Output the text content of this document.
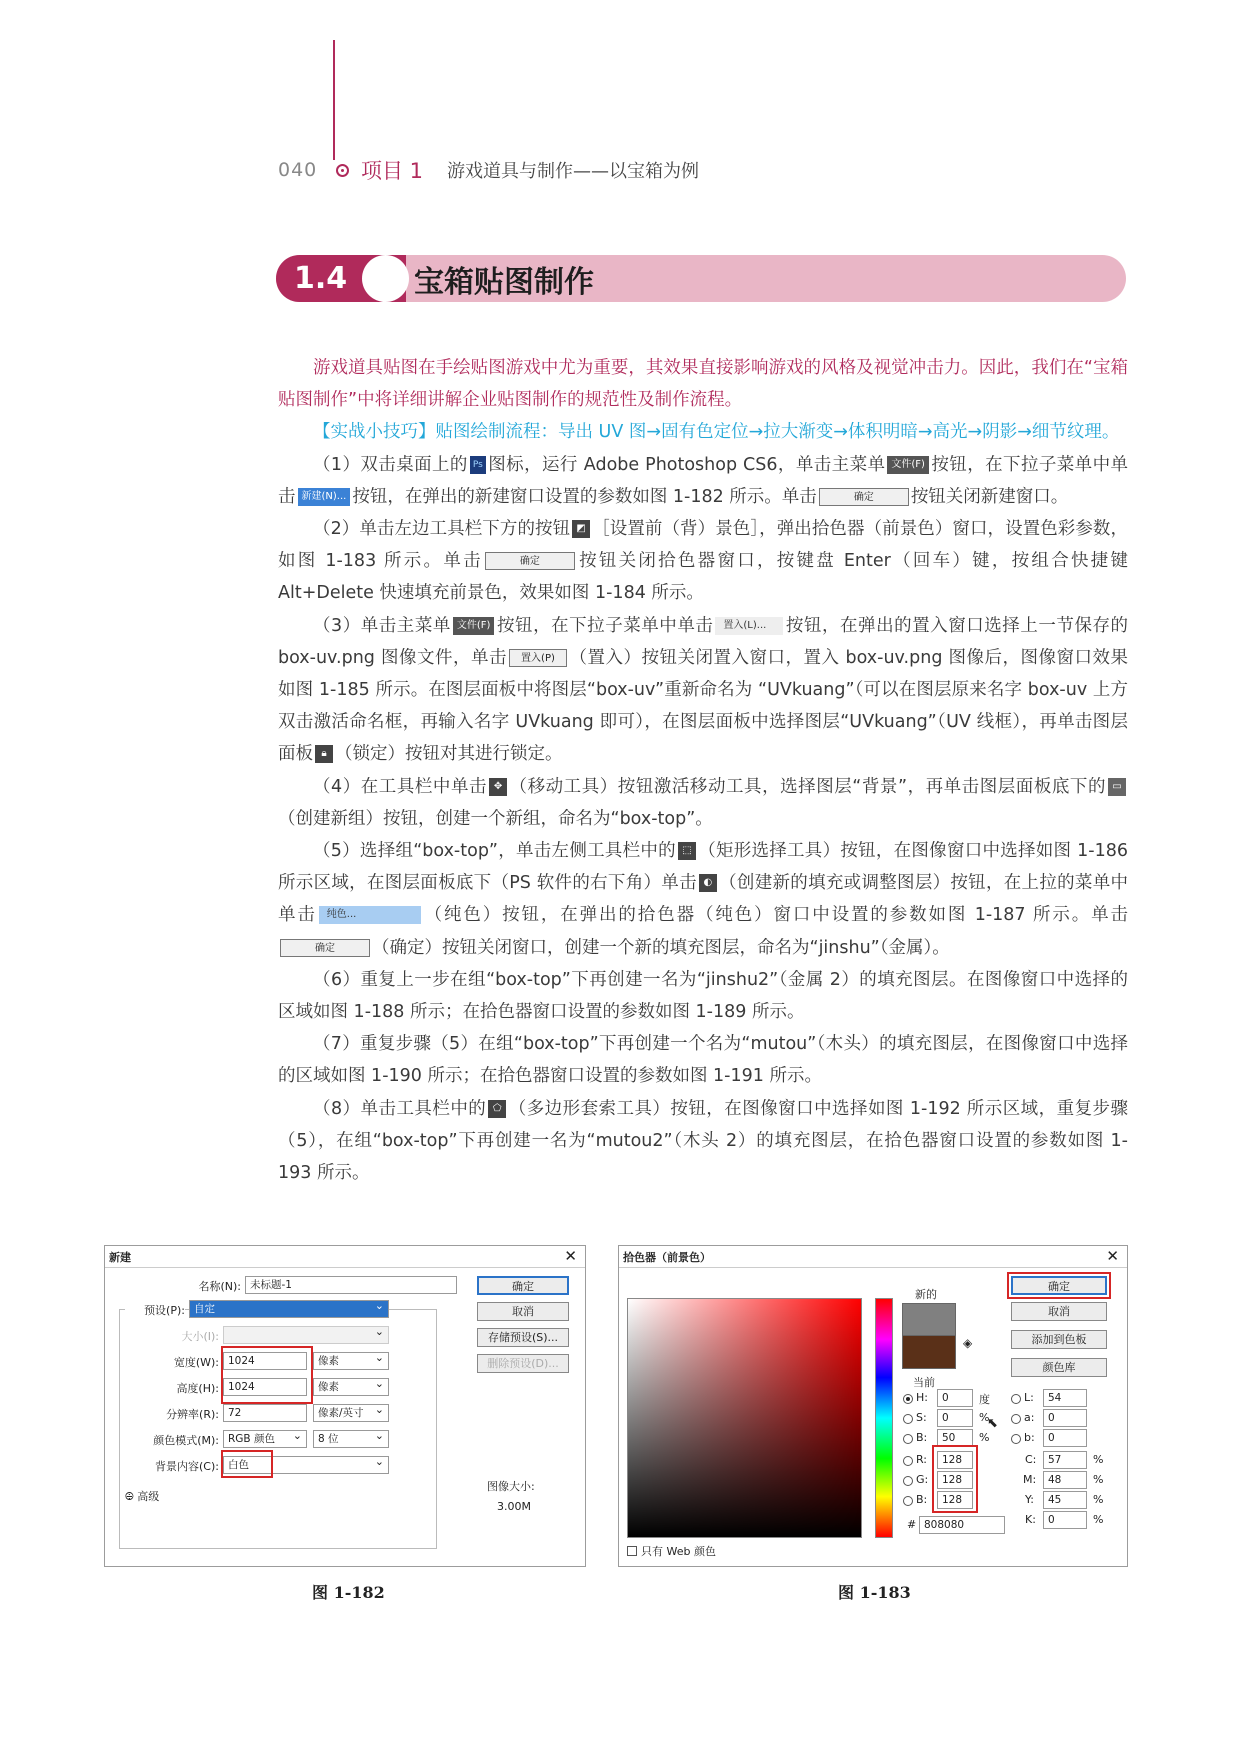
040	项目 1 游戏道具与制作——以宝箱为例
1.4	宝箱贴图制作

游戏道具贴图在手绘贴图游戏中尤为重要，其效果直接影响游戏的风格及视觉冲击力。因此，我们在“宝箱贴图制作”中将详细讲解企业贴图制作的规范性及制作流程。

【实战小技巧】贴图绘制流程：导出 UV 图→固有色定位→拉大渐变→体积明暗→高光→阴影→细节纹理。

（1）双击桌面上的 Ps 图标，运行 Adobe Photoshop CS6，单击主菜单 文件(F) 按钮，在下拉子菜单中单击 新建(N)... 按钮，在弹出的新建窗口设置的参数如图 1-182 所示。单击	确定 按钮关闭新建窗口。

（2）单击左边工具栏下方的按钮 ◩ ［设置前（背）景色］，弹出拾色器（前景色）窗口，设置色彩参数，如图 1-183 所示。单击	确定 按钮关闭拾色器窗口，按键盘 Enter（回车）键，按组合快捷键 Alt+Delete 快速填充前景色，效果如图 1-184 所示。

（3）单击主菜单 文件(F) 按钮，在下拉子菜单中单击 置入(L)... 按钮，在弹出的置入窗口选择上一节保存的 box-uv.png 图像文件，单击 置入(P) （置入）按钮关闭置入窗口，置入 box-uv.png 图像后，图像窗口效果如图 1-185 所示。在图层面板中将图层“box-uv”重新命名为 “UVkuang”（可以在图层原来名字 box-uv 上方双击激活命名框，再输入名字 UVkuang 即可），在图层面板中选择图层“UVkuang”（UV 线框），再单击图层面板 🔒︎ （锁定）按钮对其进行锁定。

（4）在工具栏中单击 ✥ （移动工具）按钮激活移动工具，选择图层“背景”，再单击图层面板底下的 ▭（创建新组）按钮，创建一个新组，命名为“box-top”。

（5）选择组“box-top”，单击左侧工具栏中的 ⬚ （矩形选择工具）按钮，在图像窗口中选择如图 1-186 所示区域，在图层面板底下（PS 软件的右下角）单击 ◐ （创建新的填充或调整图层）按钮，在上拉的菜单中单击 纯色...	（纯色）按钮，在弹出的拾色器（纯色）窗口中设置的参数如图 1-187 所示。单击确定 （确定）按钮关闭窗口，创建一个新的填充图层，命名为“jinshu”（金属）。

（6）重复上一步在组“box-top”下再创建一名为“jinshu2”（金属 2）的填充图层。在图像窗口中选择的区域如图 1-188 所示；在拾色器窗口设置的参数如图 1-189 所示。

（7）重复步骤（5）在组“box-top”下再创建一个名为“mutou”（木头）的填充图层，在图像窗口中选择的区域如图 1-190 所示；在拾色器窗口设置的参数如图 1-191 所示。

（8）单击工具栏中的 ⬠ （多边形套索工具）按钮，在图像窗口中选择如图 1-192 所示区域，重复步骤（5），在组“box-top”下再创建一名为“mutou2”（木头 2）的填充图层，在拾色器窗口设置的参数如图 1-193 所示。

新建	✕
名称(N): 未标题-1
预设(P): 自定 ⌄
大小(I):
⌄
宽度(W): 1024	像素 ⌄
高度(H): 1024	像素 ⌄
分辨率(R): 72	像素/英寸 ⌄
颜色模式(M): RGB 颜色 ⌄	8 位 ⌄
背景内容(C): 白色 ⌄
⨸ 高级
确定
取消
存储预设(S)...
删除预设(D)...
图像大小:
3.00M
图 1-182
拾色器（前景色）	✕
新的
◈
当前
确定
取消
添加到色板
颜色库
H:	0	度
S:	0	%
⬉
B:	50	%
R:	128
G:	128
B:	128
L:	54
a:	0
b:	0
C:	57	%
M:	48	%
Y:	45	%
K:	0	%
# 808080
只有 Web 颜色
图 1-183
